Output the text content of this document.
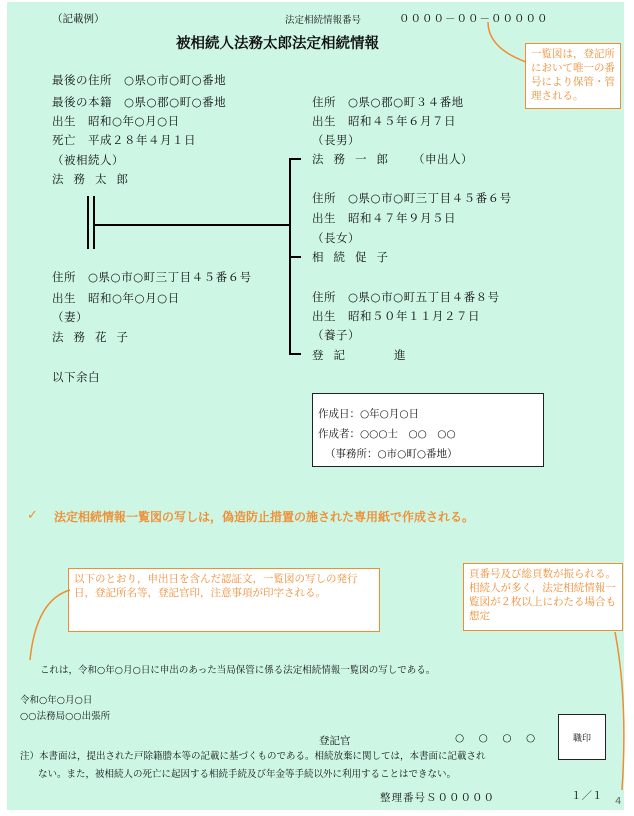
（記載例）	法定相続情報番号	００００－００－０００００
被相続人法務太郎法定相続情報
一覧図は，登記所において唯一の番号により保管・管理される。
最後の住所　○県○市○町○番地
最後の本籍　○県○郡○町○番地
出生　昭和○年○月○日
死亡　平成２８年４月１日
（被相続人）
法務太郎
住所　○県○市○町三丁目４５番６号
出生　昭和○年○月○日
（妻）
法務花子
以下余白
住所　○県○郡○町３４番地
出生　昭和４５年６月７日
（長男）
法務一郎 （申出人）
住所　○県○市○町三丁目４５番６号
出生　昭和４７年９月５日
（長女）
相続促子
住所　○県○市○町五丁目４番８号
出生　昭和５０年１１月２７日
（養子）
登記	進
作成日：○年○月○日
作成者：○○○士　○○　○○
（事務所：○市○町○番地）
✓ 法定相続情報一覧図の写しは，偽造防止措置の施された専用紙で作成される。
以下のとおり，申出日を含んだ認証文，一覧図の写しの発行日，登記所名等，登記官印，注意事項が印字される。
頁番号及び総頁数が振られる。相続人が多く，法定相続情報一覧図が２枚以上にわたる場合も想定
これは，令和○年○月○日に申出のあった当局保管に係る法定相続情報一覧図の写しである。
令和○年○月○日
○○法務局○○出張所
登記官	○　○　○　○	職印
注）本書面は，提出された戸除籍謄本等の記載に基づくものである。相続放棄に関しては，本書面に記載され
ない。また，被相続人の死亡に起因する相続手続及び年金等手続以外に利用することはできない。
整理番号Ｓ０００００	１／１ 4
